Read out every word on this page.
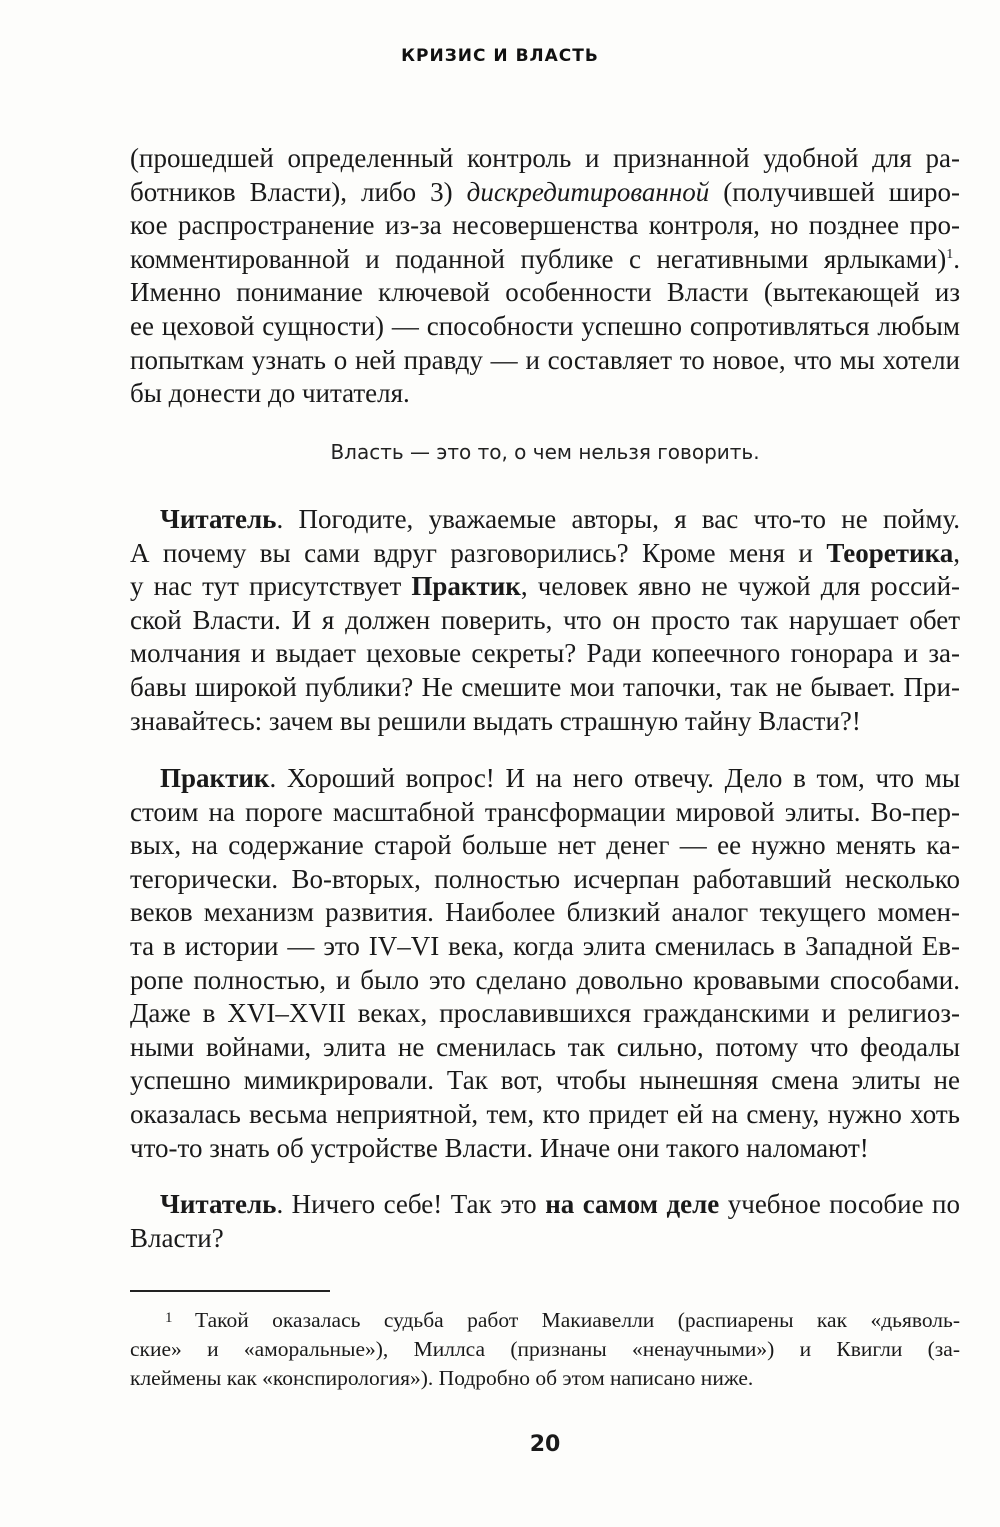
КРИЗИС И ВЛАСТЬ
(прошедшей определенный контроль и признанной удобной для ра-
ботников Власти), либо 3) дискредитированной (получившей широ-
кое распространение из-за несовершенства контроля, но позднее про-
комментированной и поданной публике с негативными ярлыками)$^1$.
Именно понимание ключевой особенности Власти (вытекающей из
ее цеховой сущности) — способности успешно сопротивляться любым
попыткам узнать о ней правду — и составляет то новое, что мы хотели
бы донести до читателя.
Власть — это то, о чем нельзя говорить.
Читатель. Погодите, уважаемые авторы, я вас что-то не пойму.
А почему вы сами вдруг разговорились? Кроме меня и Теоретика,
у нас тут присутствует Практик, человек явно не чужой для россий-
ской Власти. И я должен поверить, что он просто так нарушает обет
молчания и выдает цеховые секреты? Ради копеечного гонорара и за-
бавы широкой публики? Не смешите мои тапочки, так не бывает. При-
знавайтесь: зачем вы решили выдать страшную тайну Власти?!
Практик. Хороший вопрос! И на него отвечу. Дело в том, что мы
стоим на пороге масштабной трансформации мировой элиты. Во-пер-
вых, на содержание старой больше нет денег — ее нужно менять ка-
тегорически. Во-вторых, полностью исчерпан работавший несколько
веков механизм развития. Наиболее близкий аналог текущего момен-
та в истории — это IV–VI века, когда элита сменилась в Западной Ев-
ропе полностью, и было это сделано довольно кровавыми способами.
Даже в XVI–XVII веках, прославившихся гражданскими и религиоз-
ными войнами, элита не сменилась так сильно, потому что феодалы
успешно мимикрировали. Так вот, чтобы нынешняя смена элиты не
оказалась весьма неприятной, тем, кто придет ей на смену, нужно хоть
что-то знать об устройстве Власти. Иначе они такого наломают!
Читатель. Ничего себе! Так это на самом деле учебное пособие по
Власти?
1 Такой оказалась судьба работ Макиавелли (распиарены как «дьяволь-
ские» и «аморальные»), Миллса (признаны «ненаучными») и Квигли (за-
клеймены как «конспирология»). Подробно об этом написано ниже.
20
